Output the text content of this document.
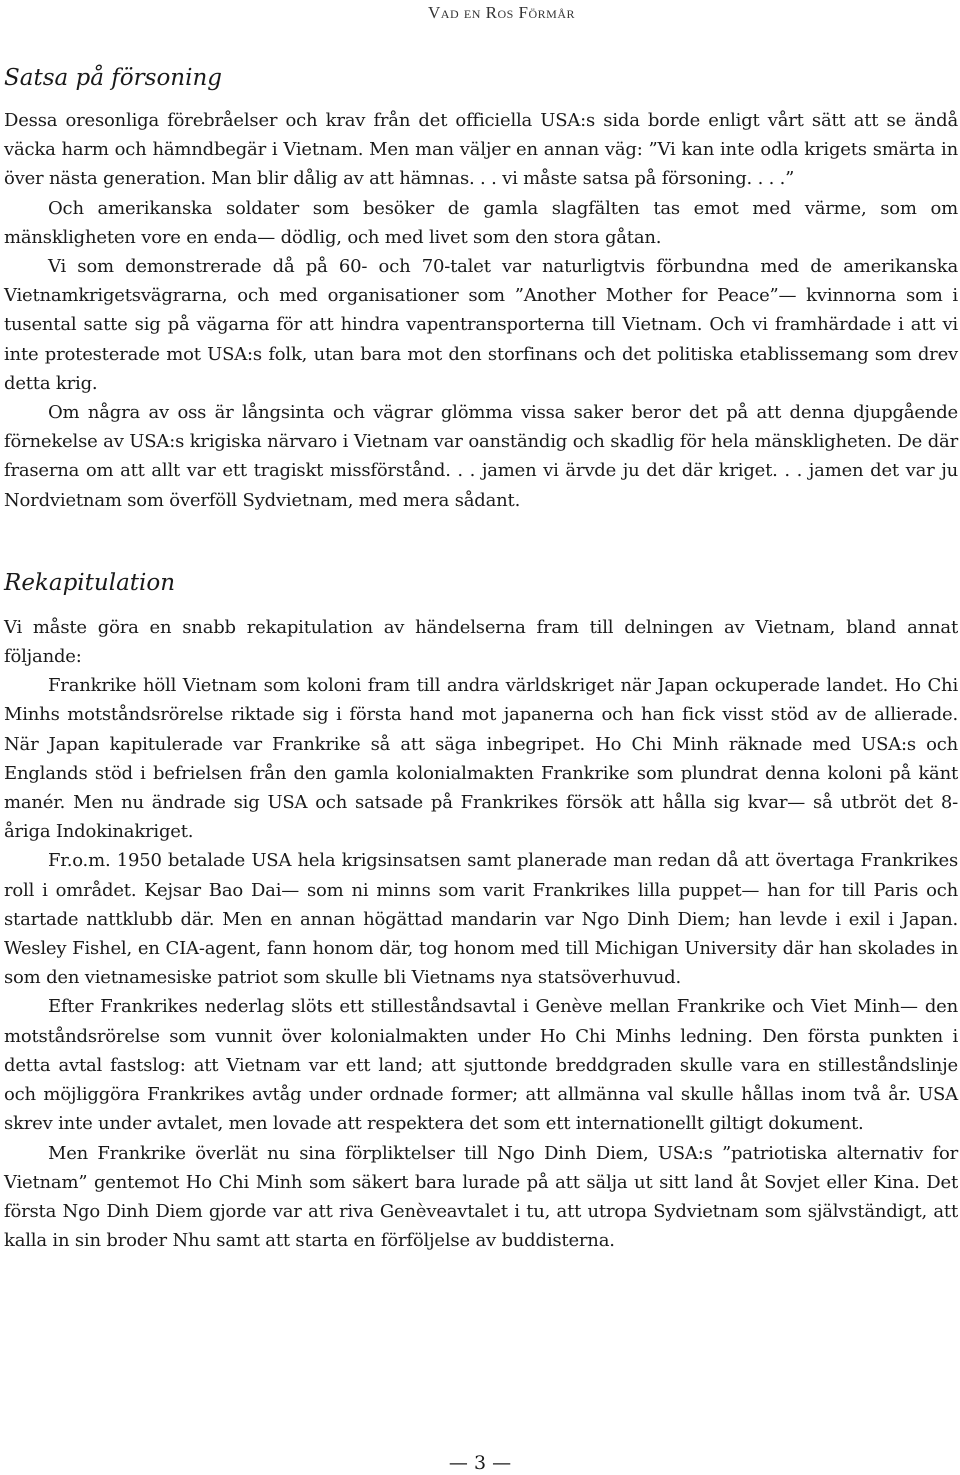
Vad en Ros Förmår
Satsa på försoning

Dessa oresonliga förebråelser och krav från det officiella USA:s sida borde enligt vårt sätt att se ändå väcka harm och hämndbegär i Vietnam. Men man väljer en annan väg: ”Vi kan inte odla krigets smärta in över nästa generation. Man blir dålig av att hämnas. . . vi måste satsa på försoning. . . .”

Och amerikanska soldater som besöker de gamla slagfälten tas emot med värme, som om mänskligheten vore en enda— dödlig, och med livet som den stora gåtan.

Vi som demonstrerade då på 60- och 70-talet var naturligtvis förbundna med de amerikanska Vietnamkrigetsvägrarna, och med organisationer som ”Another Mother for Peace”— kvinnorna som i tusental satte sig på vägarna för att hindra vapentransporterna till Vietnam. Och vi framhärdade i att vi inte protesterade mot USA:s folk, utan bara mot den storfinans och det politiska etablissemang som drev detta krig.

Om några av oss är långsinta och vägrar glömma vissa saker beror det på att denna djupgående förnekelse av USA:s krigiska närvaro i Vietnam var oanständig och skadlig för hela mänskligheten. De där fraserna om att allt var ett tragiskt missförstånd. . . jamen vi ärvde ju det där kriget. . . jamen det var ju Nordvietnam som överföll Sydvietnam, med mera sådant.

Rekapitulation

Vi måste göra en snabb rekapitulation av händelserna fram till delningen av Vietnam, bland annat följande:

Frankrike höll Vietnam som koloni fram till andra världskriget när Japan ockuperade landet. Ho Chi Minhs motståndsrörelse riktade sig i första hand mot japanerna och han fick visst stöd av de allierade. När Japan kapitulerade var Frankrike så att säga inbegripet. Ho Chi Minh räknade med USA:s och Englands stöd i befrielsen från den gamla kolonialmakten Frankrike som plundrat denna koloni på känt manér. Men nu ändrade sig USA och satsade på Frankrikes försök att hålla sig kvar— så utbröt det 8-åriga Indokinakriget.

Fr.o.m. 1950 betalade USA hela krigsinsatsen samt planerade man redan då att övertaga Frankrikes roll i området. Kejsar Bao Dai— som ni minns som varit Frankrikes lilla puppet— han for till Paris och startade nattklubb där. Men en annan högättad mandarin var Ngo Dinh Diem; han levde i exil i Japan. Wesley Fishel, en CIA-agent, fann honom där, tog honom med till Michigan University där han skolades in som den vietnamesiske patriot som skulle bli Vietnams nya statsöverhuvud.

Efter Frankrikes nederlag slöts ett stilleståndsavtal i Genève mellan Frankrike och Viet Minh— den motståndsrörelse som vunnit över kolonialmakten under Ho Chi Minhs ledning. Den första punkten i detta avtal fastslog: att Vietnam var ett land; att sjuttonde breddgraden skulle vara en stilleståndslinje och möjliggöra Frankrikes avtåg under ordnade former; att allmänna val skulle hållas inom två år. USA skrev inte under avtalet, men lovade att respektera det som ett internationellt giltigt dokument.

Men Frankrike överlät nu sina förpliktelser till Ngo Dinh Diem, USA:s ”patriotiska alternativ for Vietnam” gentemot Ho Chi Minh som säkert bara lurade på att sälja ut sitt land åt Sovjet eller Kina. Det första Ngo Dinh Diem gjorde var att riva Genèveavtalet i tu, att utropa Sydvietnam som självständigt, att kalla in sin broder Nhu samt att starta en förföljelse av buddisterna.

— 3 —
